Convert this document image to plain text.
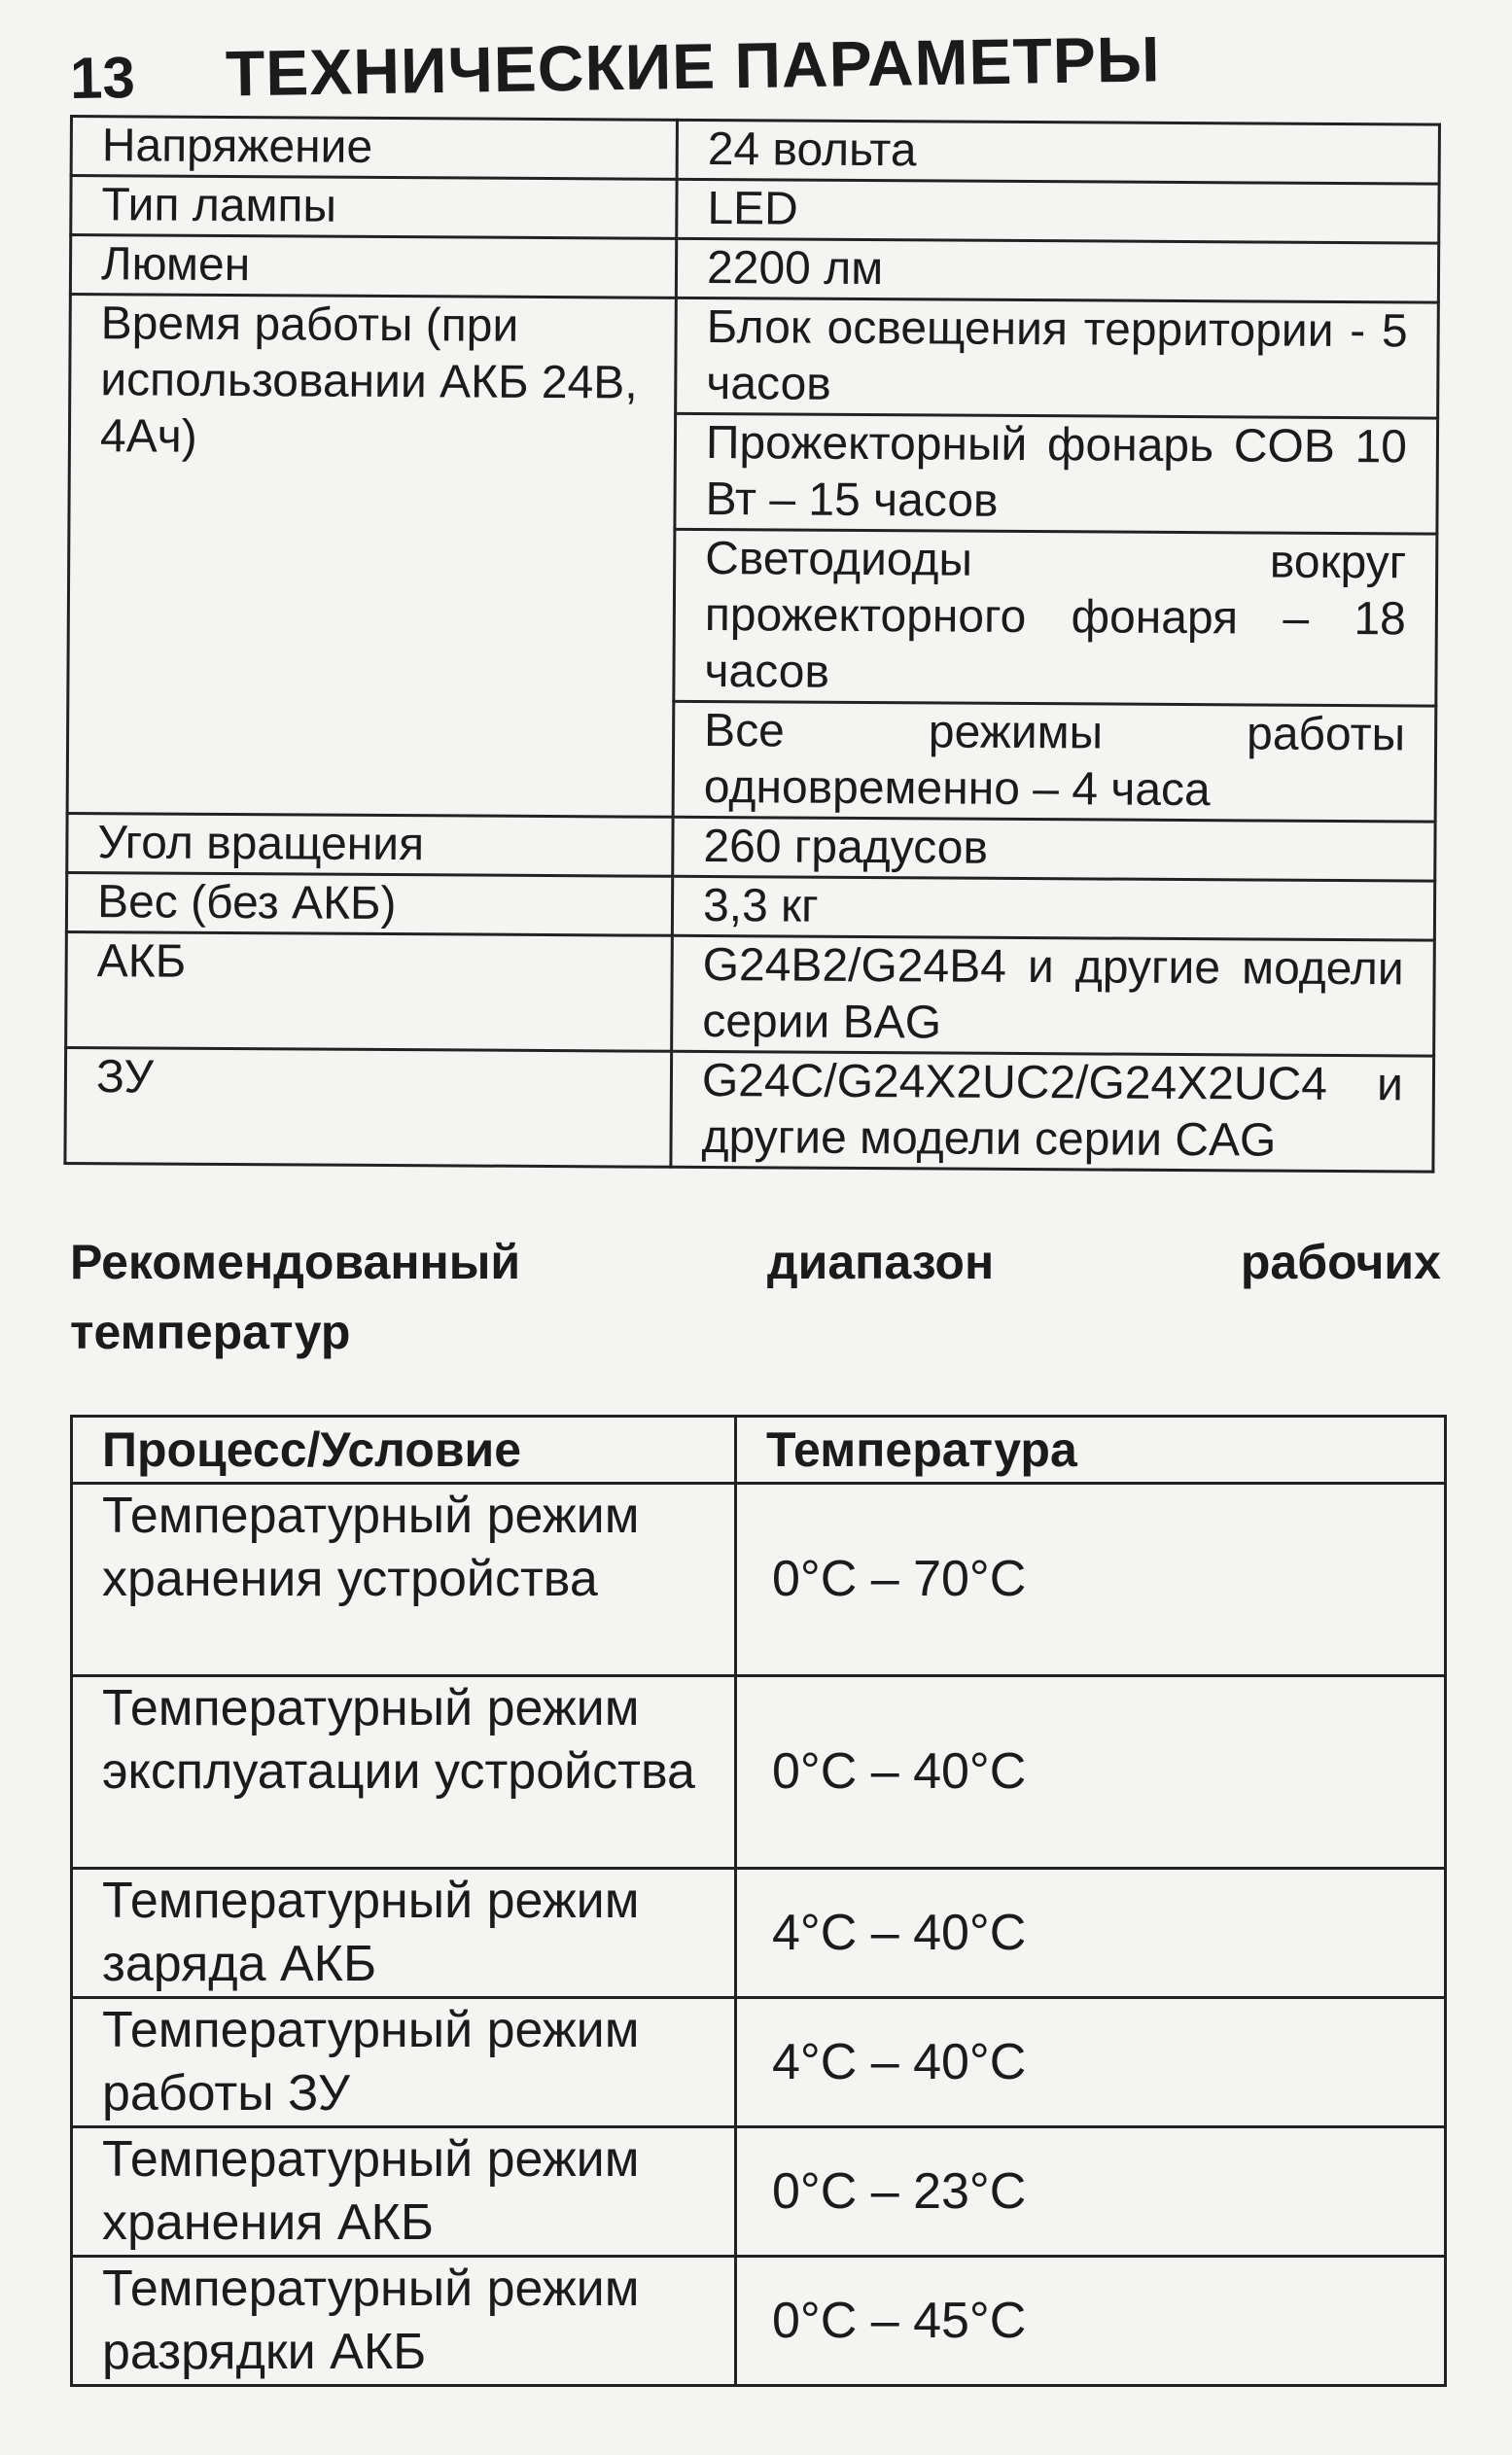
13	ТЕХНИЧЕСКИЕ ПАРАМЕТРЫ
Напряжение	24 вольта
Тип лампы	LED
Люмен	2200 лм
Время работы (при использовании АКБ 24В, 4Ач)	Блок освещения территории - 5 часов
	Прожекторный фонарь COB 10 Вт – 15 часов
	Светодиоды вокруг прожекторного фонаря – 18 часов
	Все режимы работы одновременно – 4 часа
Угол вращения	260 градусов
Вес (без АКБ)	3,3 кг
АКБ	G24B2/G24B4 и другие модели серии BAG
ЗУ	G24C/G24X2UC2/G24X2UC4 и другие модели серии CAG
Рекомендованный	диапазон	рабочих
температур
Процесс/Условие	Температура
Температурный режим хранения устройства	0°C – 70°C
Температурный режим эксплуатации устройства	0°C – 40°C
Температурный режим заряда АКБ	4°C – 40°C
Температурный режим работы ЗУ	4°C – 40°C
Температурный режим хранения АКБ	0°C – 23°C
Температурный режим разрядки АКБ	0°C – 45°C
